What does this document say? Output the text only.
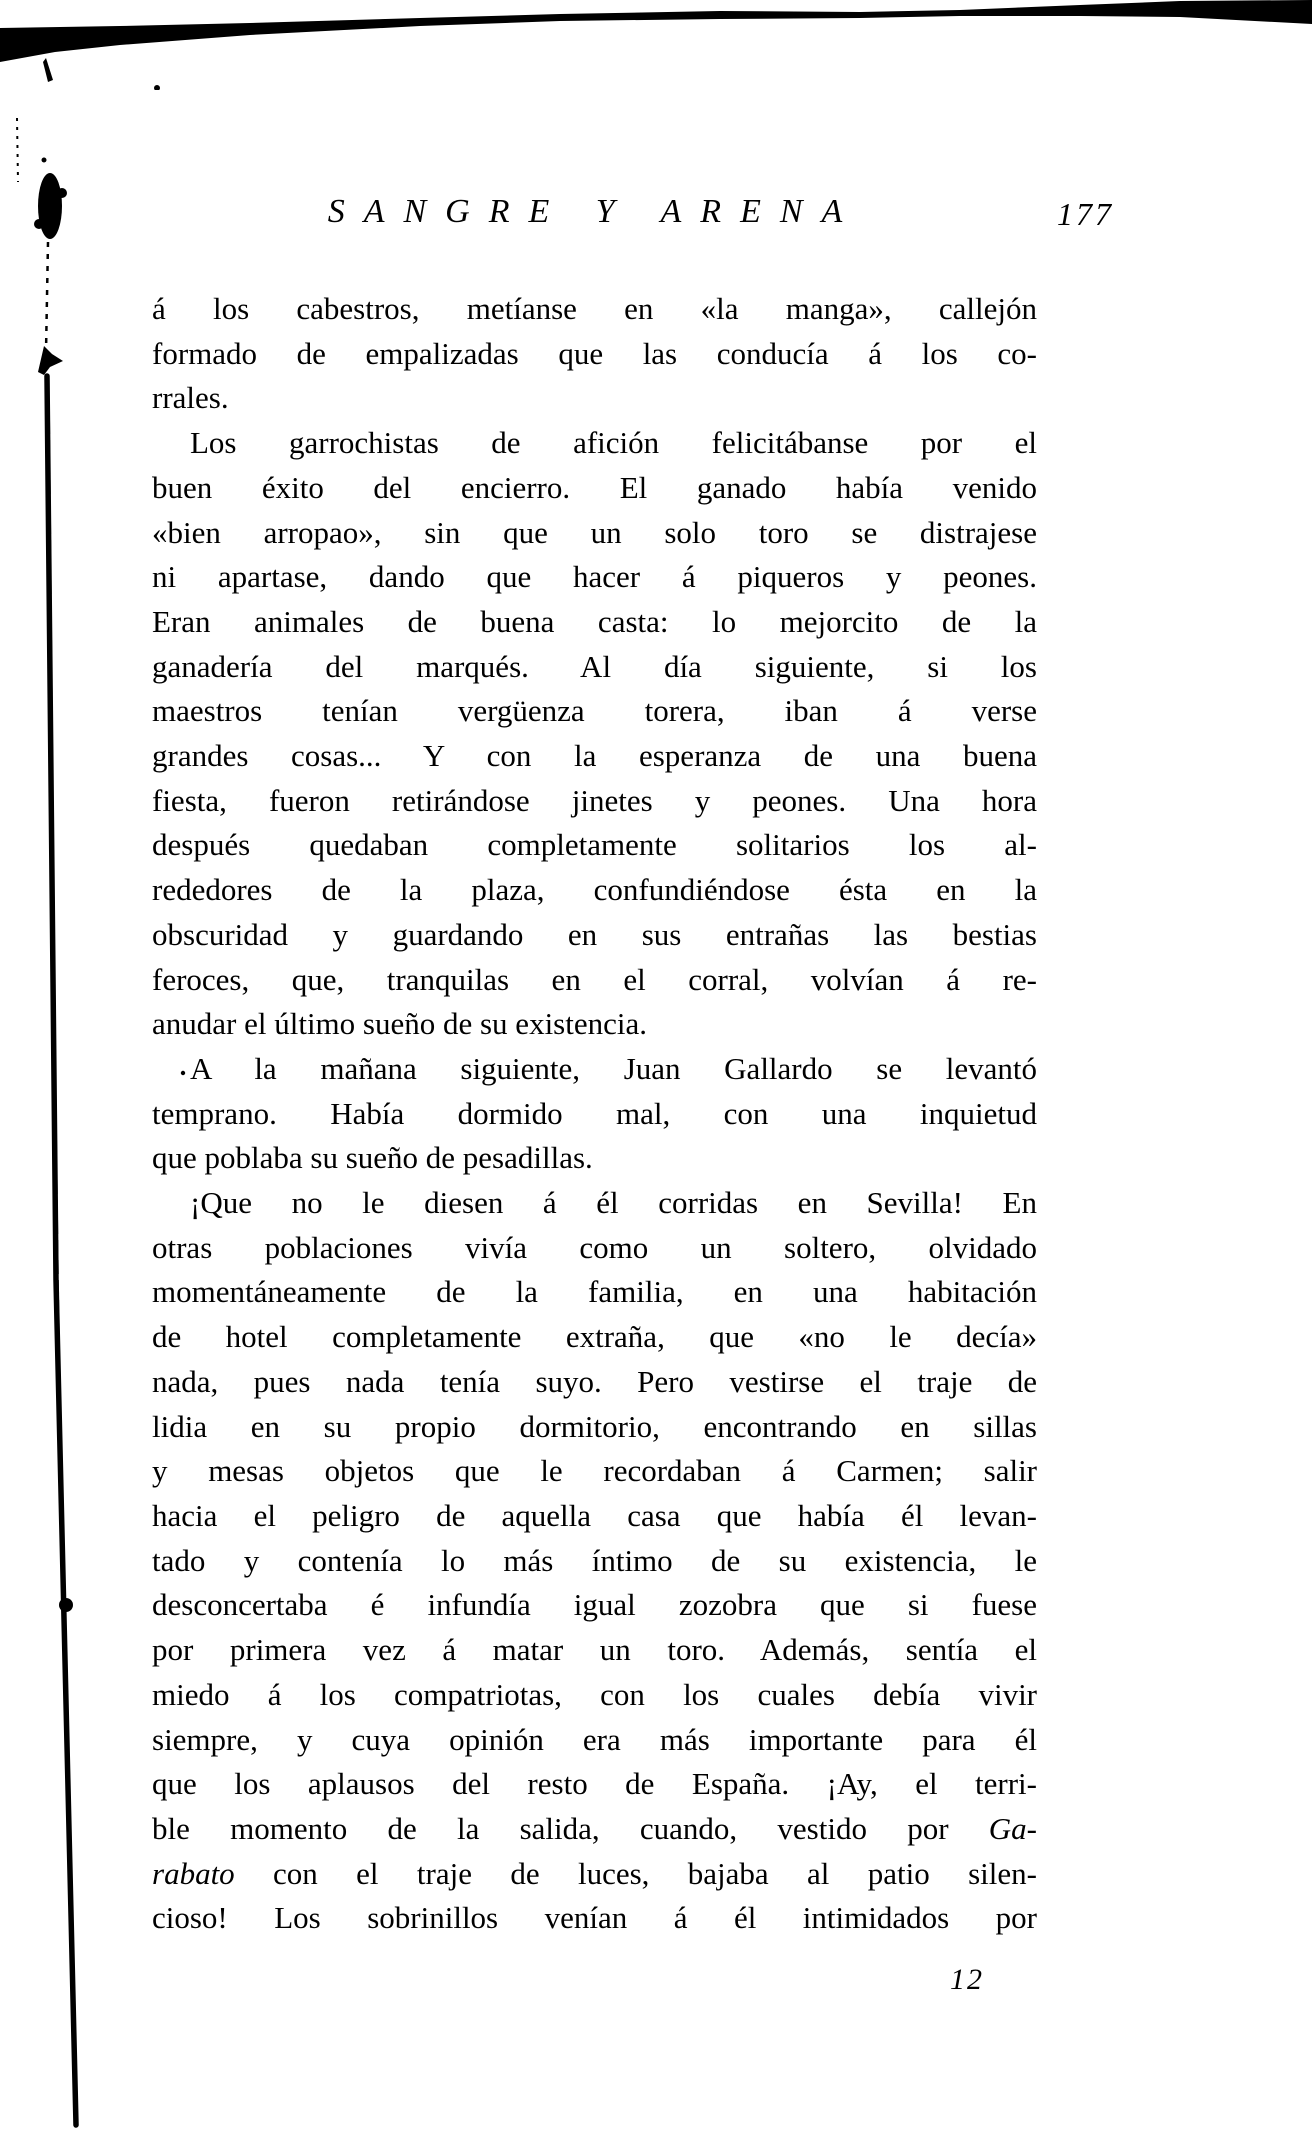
SANGRE Y ARENA	177
á los cabestros, metíanse en «la manga», callejón
formado de empalizadas que las conducía á los co-
rrales.
Los garrochistas de afición felicitábanse por el
buen éxito del encierro. El ganado había venido
«bien arropao», sin que un solo toro se distrajese
ni apartase, dando que hacer á piqueros y peones.
Eran animales de buena casta: lo mejorcito de la
ganadería del marqués. Al día siguiente, si los
maestros tenían vergüenza torera, iban á verse
grandes cosas... Y con la esperanza de una buena
fiesta, fueron retirándose jinetes y peones. Una hora
después quedaban completamente solitarios los al-
rededores de la plaza, confundiéndose ésta en la
obscuridad y guardando en sus entrañas las bestias
feroces, que, tranquilas en el corral, volvían á re-
anudar el último sueño de su existencia.
A la mañana siguiente, Juan Gallardo se levantó
temprano. Había dormido mal, con una inquietud
que poblaba su sueño de pesadillas.
¡Que no le diesen á él corridas en Sevilla! En
otras poblaciones vivía como un soltero, olvidado
momentáneamente de la familia, en una habitación
de hotel completamente extraña, que «no le decía»
nada, pues nada tenía suyo. Pero vestirse el traje de
lidia en su propio dormitorio, encontrando en sillas
y mesas objetos que le recordaban á Carmen; salir
hacia el peligro de aquella casa que había él levan-
tado y contenía lo más íntimo de su existencia, le
desconcertaba é infundía igual zozobra que si fuese
por primera vez á matar un toro. Además, sentía el
miedo á los compatriotas, con los cuales debía vivir
siempre, y cuya opinión era más importante para él
que los aplausos del resto de España. ¡Ay, el terri-
ble momento de la salida, cuando, vestido por Ga-
rabato con el traje de luces, bajaba al patio silen-
cioso! Los sobrinillos venían á él intimidados por
12
